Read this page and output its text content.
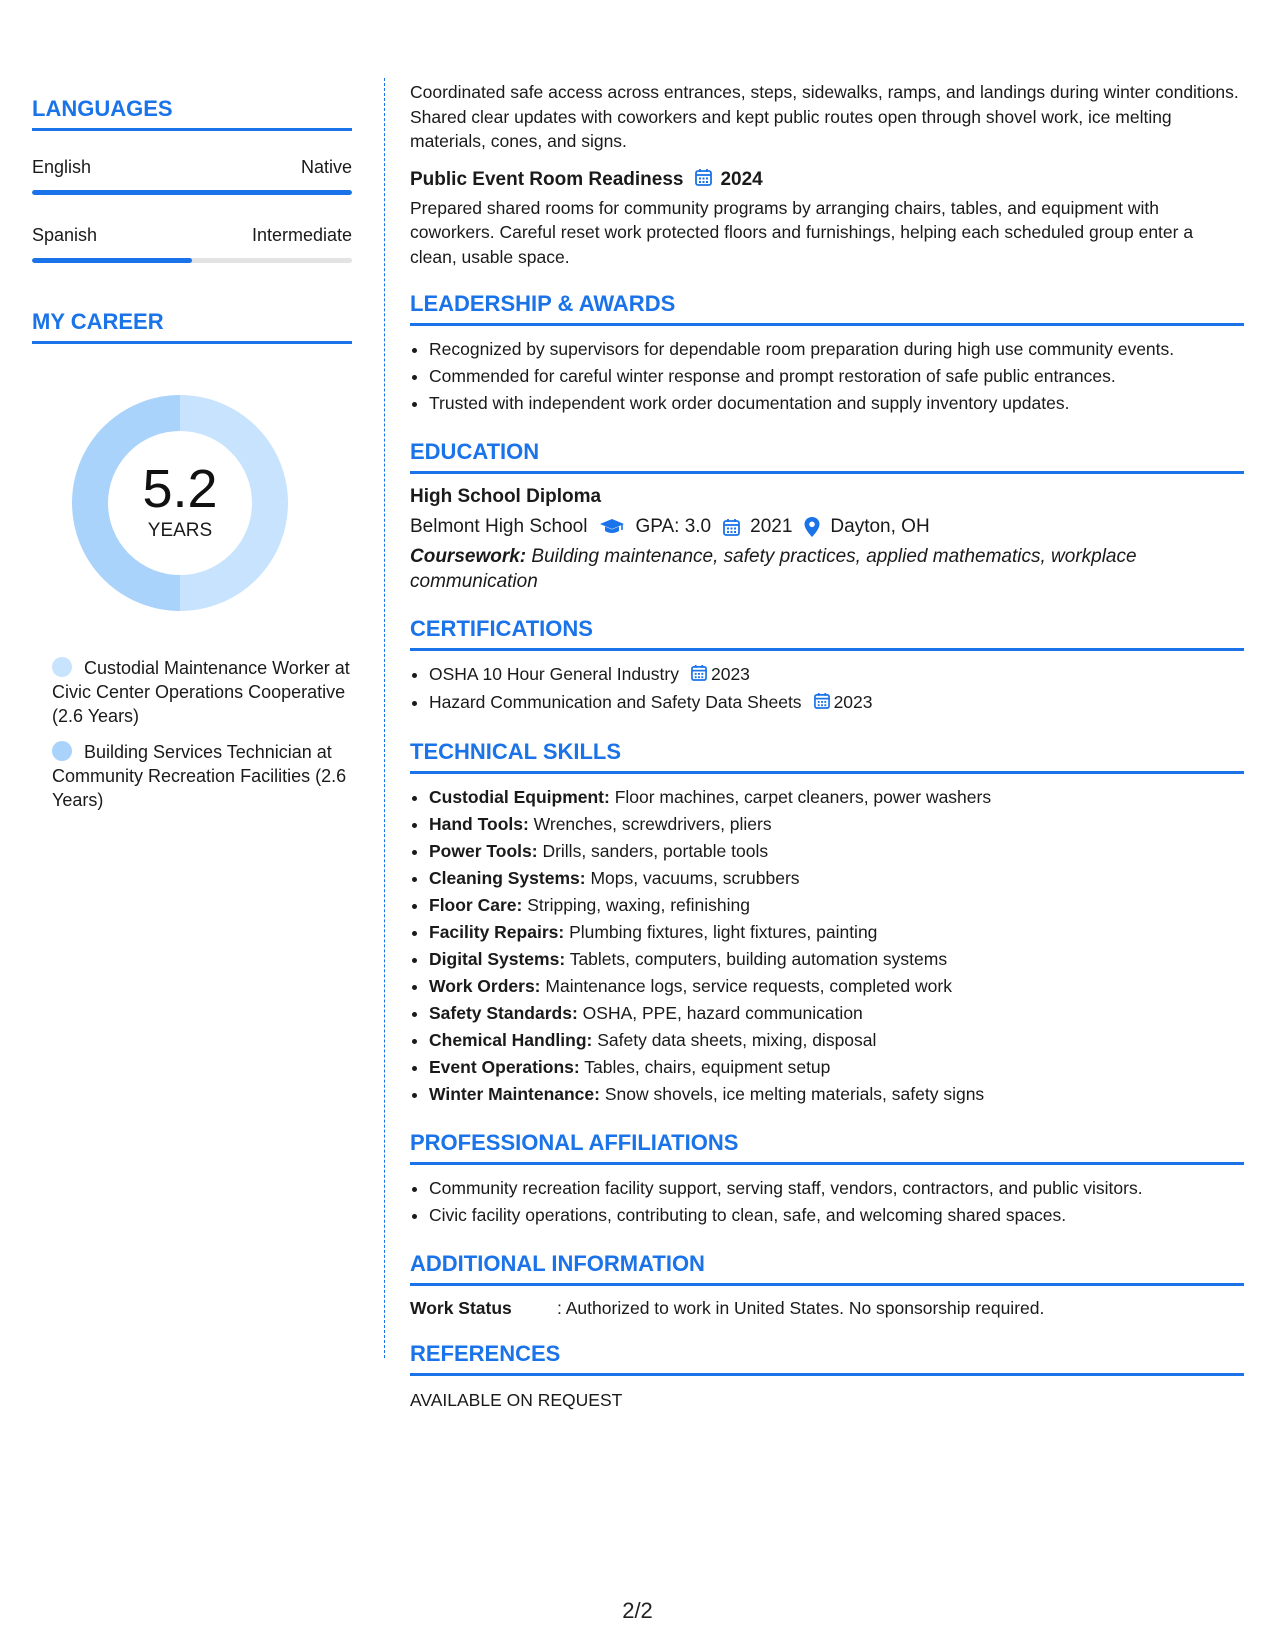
LANGUAGES
English	Native
Spanish	Intermediate
MY CAREER
5.2
YEARS
Custodial Maintenance Worker at Civic Center Operations Cooperative (2.6 Years)
Building Services Technician at Community Recreation Facilities (2.6 Years)

Coordinated safe access across entrances, steps, sidewalks, ramps, and landings during winter conditions. Shared clear updates with coworkers and kept public routes open through shovel work, ice melting materials, cones, and signs.

Public Event Room Readiness 2024

Prepared shared rooms for community programs by arranging chairs, tables, and equipment with coworkers. Careful reset work protected floors and furnishings, helping each scheduled group enter a clean, usable space.

LEADERSHIP & AWARDS
• Recognized by supervisors for dependable room preparation during high use community events.
• Commended for careful winter response and prompt restoration of safe public entrances.
• Trusted with independent work order documentation and supply inventory updates.
EDUCATION
High School Diploma
Belmont High School	GPA: 3.0 2021 Dayton, OH
Coursework: Building maintenance, safety practices, applied mathematics, workplace communication
CERTIFICATIONS
• OSHA 10 Hour General Industry 2023
• Hazard Communication and Safety Data Sheets 2023
TECHNICAL SKILLS
• Custodial Equipment: Floor machines, carpet cleaners, power washers
• Hand Tools: Wrenches, screwdrivers, pliers
• Power Tools: Drills, sanders, portable tools
• Cleaning Systems: Mops, vacuums, scrubbers
• Floor Care: Stripping, waxing, refinishing
• Facility Repairs: Plumbing fixtures, light fixtures, painting
• Digital Systems: Tablets, computers, building automation systems
• Work Orders: Maintenance logs, service requests, completed work
• Safety Standards: OSHA, PPE, hazard communication
• Chemical Handling: Safety data sheets, mixing, disposal
• Event Operations: Tables, chairs, equipment setup
• Winter Maintenance: Snow shovels, ice melting materials, safety signs
PROFESSIONAL AFFILIATIONS
• Community recreation facility support, serving staff, vendors, contractors, and public visitors.
• Civic facility operations, contributing to clean, safe, and welcoming shared spaces.
ADDITIONAL INFORMATION
Work Status	: Authorized to work in United States. No sponsorship required.
REFERENCES
AVAILABLE ON REQUEST
2/2
